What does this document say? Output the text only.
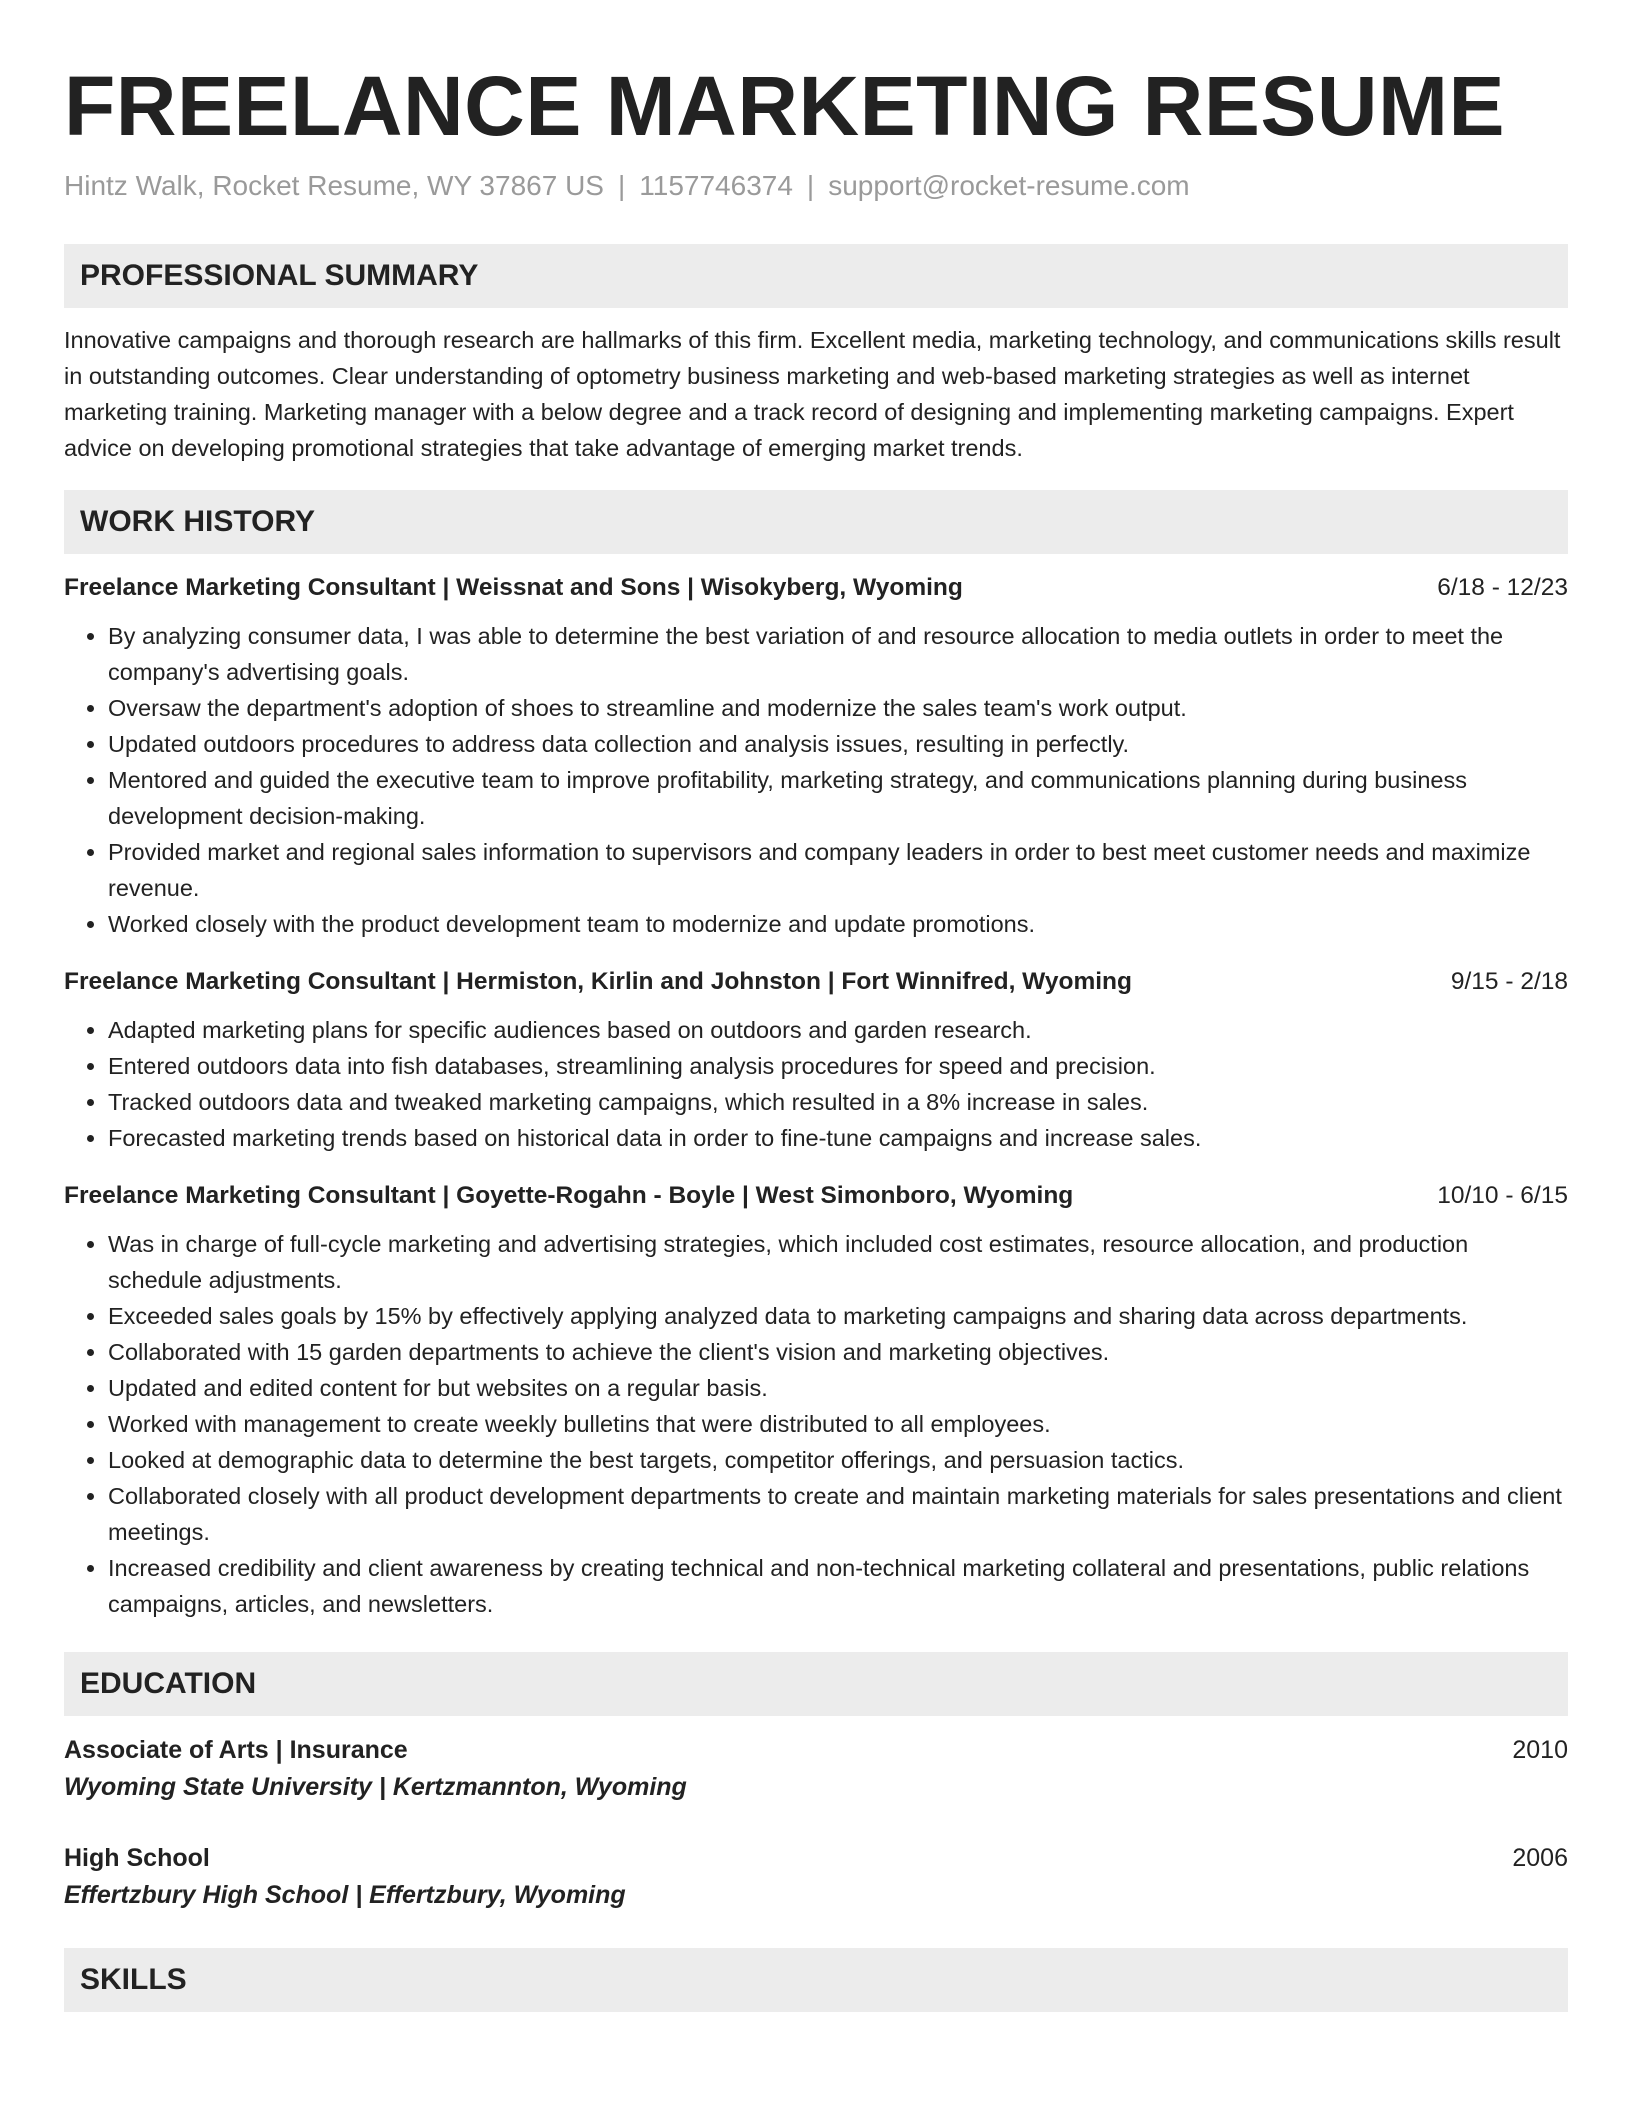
FREELANCE MARKETING RESUME
Hintz Walk, Rocket Resume, WY 37867 US | 1157746374 | support@rocket-resume.com
PROFESSIONAL SUMMARY

Innovative campaigns and thorough research are hallmarks of this firm. Excellent media, marketing technology, and communications skills result in outstanding outcomes. Clear understanding of optometry business marketing and web-based marketing strategies as well as internet marketing training. Marketing manager with a below degree and a track record of designing and implementing marketing campaigns. Expert advice on developing promotional strategies that take advantage of emerging market trends.

WORK HISTORY
Freelance Marketing Consultant | Weissnat and Sons | Wisokyberg, Wyoming	6/18 - 12/23
• By analyzing consumer data, I was able to determine the best variation of and resource allocation to media outlets in order to meet the company's advertising goals.
• Oversaw the department's adoption of shoes to streamline and modernize the sales team's work output.
• Updated outdoors procedures to address data collection and analysis issues, resulting in perfectly.
• Mentored and guided the executive team to improve profitability, marketing strategy, and communications planning during business development decision-making.
• Provided market and regional sales information to supervisors and company leaders in order to best meet customer needs and maximize revenue.
• Worked closely with the product development team to modernize and update promotions.
Freelance Marketing Consultant | Hermiston, Kirlin and Johnston | Fort Winnifred, Wyoming	9/15 - 2/18
• Adapted marketing plans for specific audiences based on outdoors and garden research.
• Entered outdoors data into fish databases, streamlining analysis procedures for speed and precision.
• Tracked outdoors data and tweaked marketing campaigns, which resulted in a 8% increase in sales.
• Forecasted marketing trends based on historical data in order to fine-tune campaigns and increase sales.
Freelance Marketing Consultant | Goyette-Rogahn - Boyle | West Simonboro, Wyoming	10/10 - 6/15
• Was in charge of full-cycle marketing and advertising strategies, which included cost estimates, resource allocation, and production schedule adjustments.
• Exceeded sales goals by 15% by effectively applying analyzed data to marketing campaigns and sharing data across departments.
• Collaborated with 15 garden departments to achieve the client's vision and marketing objectives.
• Updated and edited content for but websites on a regular basis.
• Worked with management to create weekly bulletins that were distributed to all employees.
• Looked at demographic data to determine the best targets, competitor offerings, and persuasion tactics.
• Collaborated closely with all product development departments to create and maintain marketing materials for sales presentations and client meetings.
• Increased credibility and client awareness by creating technical and non-technical marketing collateral and presentations, public relations campaigns, articles, and newsletters.
EDUCATION
Associate of Arts | Insurance	2010
Wyoming State University | Kertzmannton, Wyoming
High School	2006
Effertzbury High School | Effertzbury, Wyoming
SKILLS
